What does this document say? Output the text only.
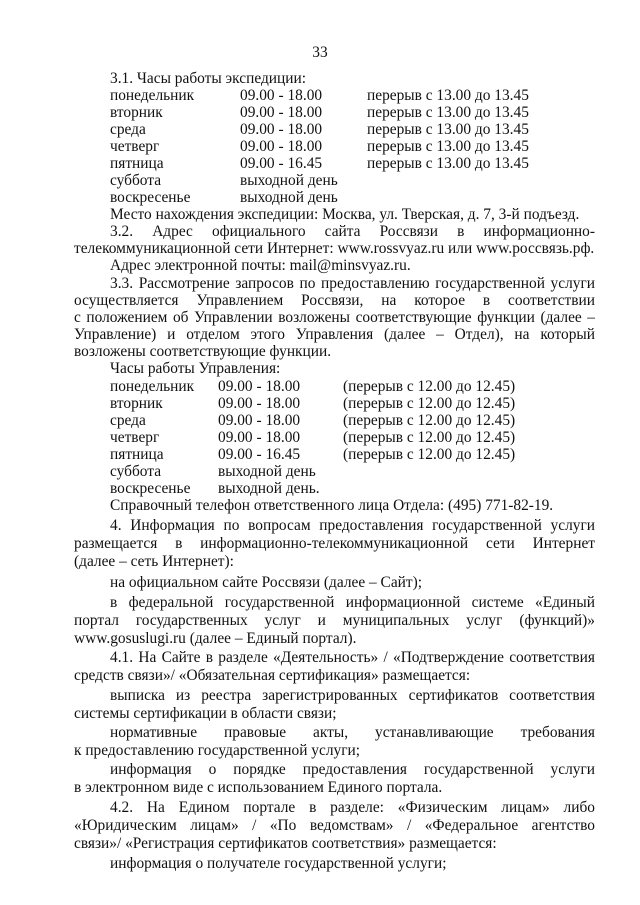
33
3.1. Часы работы экспедиции:
понедельник	09.00 - 18.00	перерыв с 13.00 до 13.45
вторник	09.00 - 18.00	перерыв с 13.00 до 13.45
среда	09.00 - 18.00	перерыв с 13.00 до 13.45
четверг	09.00 - 18.00	перерыв с 13.00 до 13.45
пятница	09.00 - 16.45	перерыв с 13.00 до 13.45
суббота	выходной день
воскресенье	выходной день
Место нахождения экспедиции: Москва, ул. Тверская, д. 7, 3-й подъезд.
3.2. Адрес официального сайта Россвязи в информационно-
телекоммуникационной сети Интернет: www.rossvyaz.ru или www.россвязь.рф.
Адрес электронной почты: mail@minsvyaz.ru.
3.3. Рассмотрение запросов по предоставлению государственной услуги
осуществляется Управлением Россвязи, на которое в соответствии
с положением об Управлении возложены соответствующие функции (далее –
Управление) и отделом этого Управления (далее – Отдел), на который
возложены соответствующие функции.
Часы работы Управления:
понедельник 09.00 - 18.00	(перерыв с 12.00 до 12.45)
вторник	09.00 - 18.00	(перерыв с 12.00 до 12.45)
среда	09.00 - 18.00	(перерыв с 12.00 до 12.45)
четверг	09.00 - 18.00	(перерыв с 12.00 до 12.45)
пятница	09.00 - 16.45	(перерыв с 12.00 до 12.45)
суббота	выходной день
воскресенье выходной день.
Справочный телефон ответственного лица Отдела: (495) 771-82-19.
4. Информация по вопросам предоставления государственной услуги
размещается в информационно-телекоммуникационной сети Интернет
(далее – сеть Интернет):
на официальном сайте Россвязи (далее – Сайт);
в федеральной государственной информационной системе «Единый
портал государственных услуг и муниципальных услуг (функций)»
www.gosuslugi.ru (далее – Единый портал).
4.1. На Сайте в разделе «Деятельность» / «Подтверждение соответствия
средств связи»/ «Обязательная сертификация» размещается:
выписка из реестра зарегистрированных сертификатов соответствия
системы сертификации в области связи;
нормативные правовые акты, устанавливающие требования
к предоставлению государственной услуги;
информация о порядке предоставления государственной услуги
в электронном виде с использованием Единого портала.
4.2. На Едином портале в разделе: «Физическим лицам» либо
«Юридическим лицам» / «По ведомствам» / «Федеральное агентство
связи»/ «Регистрация сертификатов соответствия» размещается:
информация о получателе государственной услуги;
